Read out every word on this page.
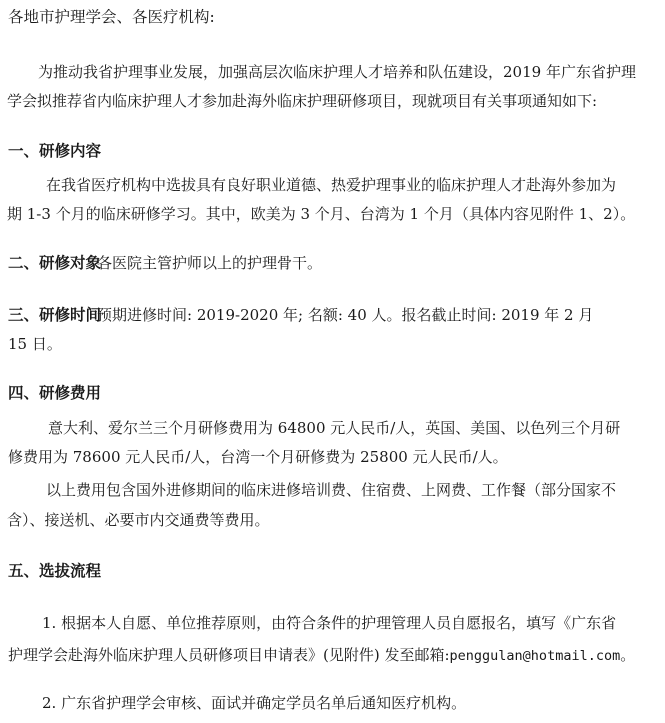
各地市护理学会、各医疗机构:
为推动我省护理事业发展，加强高层次临床护理人才培养和队伍建设，2019 年广东省护理
学会拟推荐省内临床护理人才参加赴海外临床护理研修项目，现就项目有关事项通知如下:
一、研修内容
在我省医疗机构中选拔具有良好职业道德、热爱护理事业的临床护理人才赴海外参加为
期 1-3 个月的临床研修学习。其中，欧美为 3 个月、台湾为 1 个月（具体内容见附件 1、2）。
二、研修对象各医院主管护师以上的护理骨干。
三、研修时间预期进修时间: 2019-2020 年; 名额: 40 人。报名截止时间: 2019 年 2 月
15 日。
四、研修费用
意大利、爱尔兰三个月研修费用为 64800 元人民币/人，英国、美国、以色列三个月研
修费用为 78600 元人民币/人，台湾一个月研修费为 25800 元人民币/人。
以上费用包含国外进修期间的临床进修培训费、住宿费、上网费、工作餐（部分国家不
含）、接送机、必要市内交通费等费用。
五、选拔流程
1. 根据本人自愿、单位推荐原则，由符合条件的护理管理人员自愿报名，填写《广东省
护理学会赴海外临床护理人员研修项目申请表》(见附件) 发至邮箱:penggulan@hotmail.com。
2. 广东省护理学会审核、面试并确定学员名单后通知医疗机构。
